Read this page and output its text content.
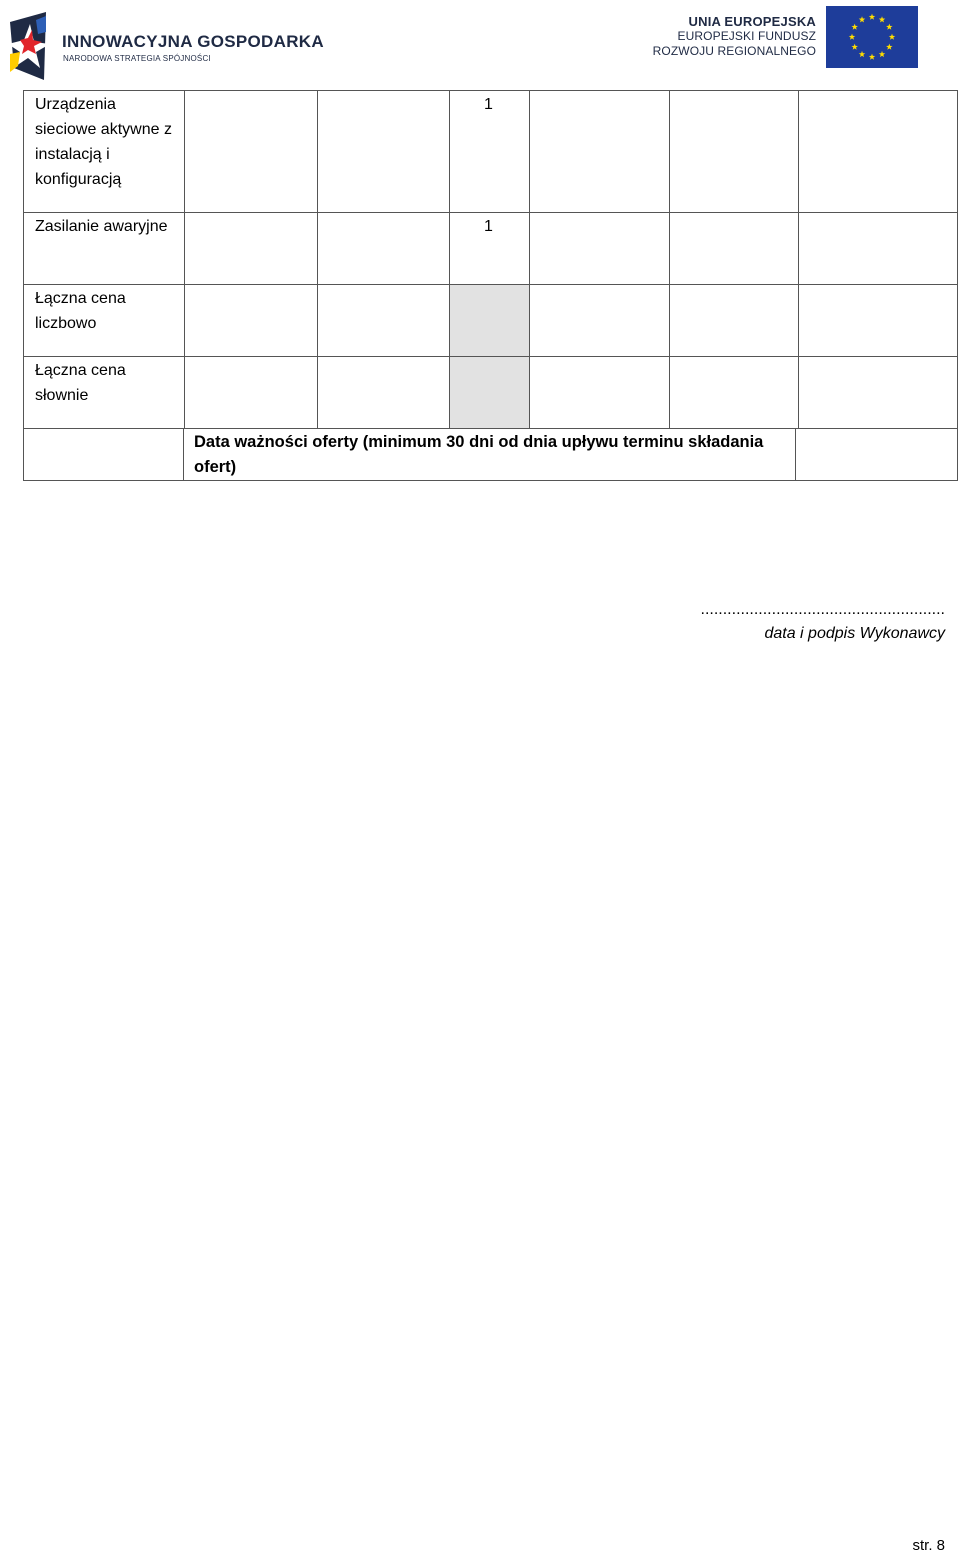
INNOWACYJNA GOSPODARKA
NARODOWA STRATEGIA SPÓJNOŚCI
UNIA EUROPEJSKA
EUROPEJSKI FUNDUSZ
ROZWOJU REGIONALNEGO
Urządzenia sieciowe aktywne z instalacją i konfiguracją			1			
Zasilanie awaryjne			1			
Łączna cena liczbowo						
Łączna cena słownie						
	Data ważności oferty (minimum 30 dni od dnia upływu terminu składania ofert)	
.......................................................
data i podpis Wykonawcy
str. 8
